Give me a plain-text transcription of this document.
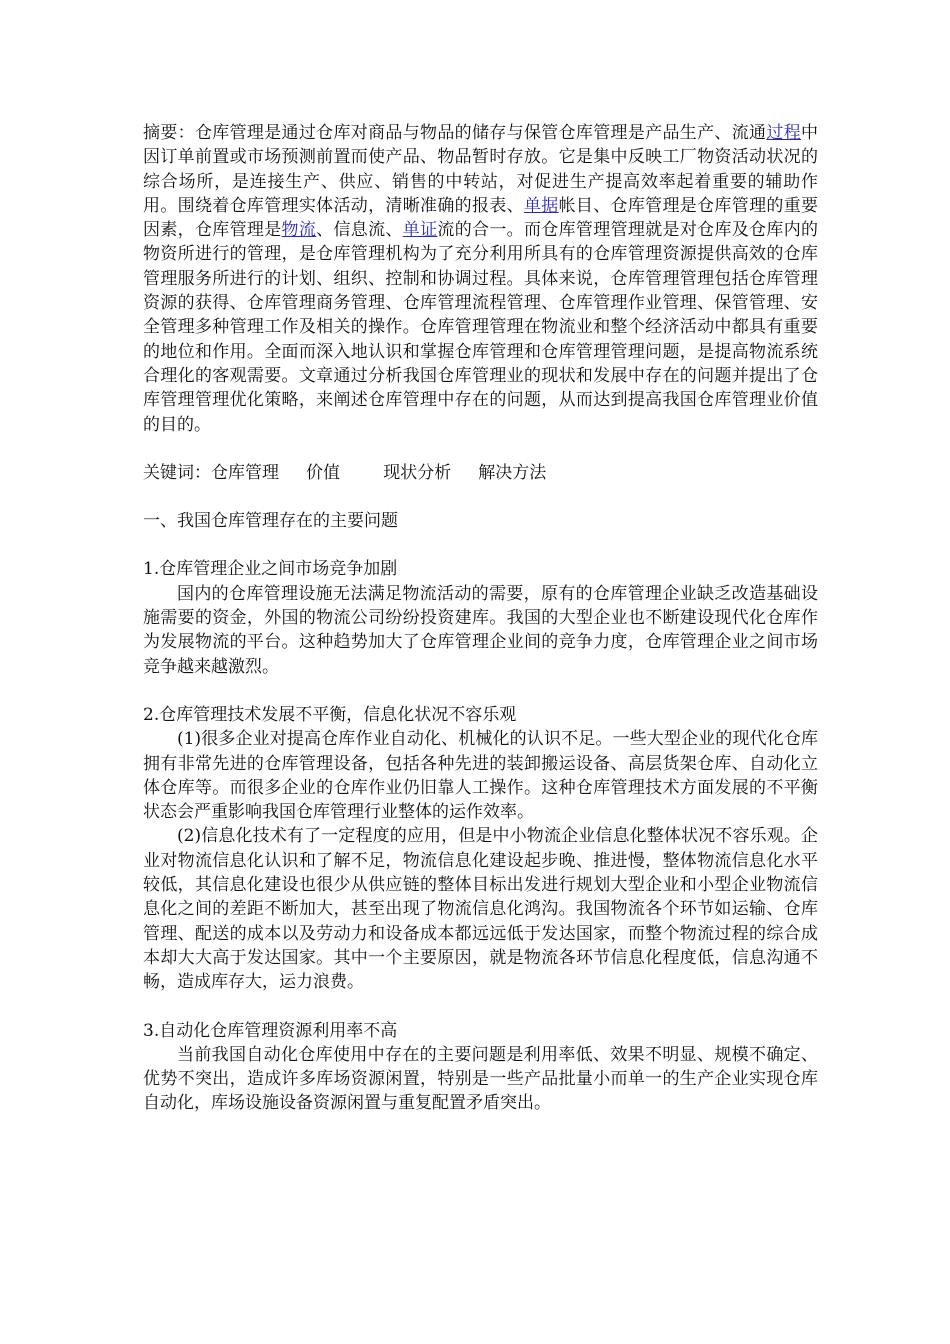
摘要：仓库管理是通过仓库对商品与物品的储存与保管仓库管理是产品生产、流通过程中因订单前置或市场预测前置而使产品、物品暂时存放。它是集中反映工厂物资活动状况的综合场所，是连接生产、供应、销售的中转站，对促进生产提高效率起着重要的辅助作用。围绕着仓库管理实体活动，清晰准确的报表、单据帐目、仓库管理是仓库管理的重要因素，仓库管理是物流、信息流、单证流的合一。而仓库管理管理就是对仓库及仓库内的物资所进行的管理，是仓库管理机构为了充分利用所具有的仓库管理资源提供高效的仓库管理服务所进行的计划、组织、控制和协调过程。具体来说，仓库管理管理包括仓库管理资源的获得、仓库管理商务管理、仓库管理流程管理、仓库管理作业管理、保管管理、安全管理多种管理工作及相关的操作。仓库管理管理在物流业和整个经济活动中都具有重要的地位和作用。全面而深入地认识和掌握仓库管理和仓库管理管理问题，是提高物流系统合理化的客观需要。文章通过分析我国仓库管理业的现状和发展中存在的问题并提出了仓库管理管理优化策略，来阐述仓库管理中存在的问题，从而达到提高我国仓库管理业价值的目的。

关键词：仓库管理     价值        现状分析     解决方法

一、我国仓库管理存在的主要问题

1.仓库管理企业之间市场竞争加剧

国内的仓库管理设施无法满足物流活动的需要，原有的仓库管理企业缺乏改造基础设施需要的资金，外国的物流公司纷纷投资建库。我国的大型企业也不断建设现代化仓库作为发展物流的平台。这种趋势加大了仓库管理企业间的竞争力度，仓库管理企业之间市场竞争越来越激烈。

2.仓库管理技术发展不平衡，信息化状况不容乐观

(1)很多企业对提高仓库作业自动化、机械化的认识不足。一些大型企业的现代化仓库拥有非常先进的仓库管理设备，包括各种先进的装卸搬运设备、高层货架仓库、自动化立体仓库等。而很多企业的仓库作业仍旧靠人工操作。这种仓库管理技术方面发展的不平衡状态会严重影响我国仓库管理行业整体的运作效率。

(2)信息化技术有了一定程度的应用，但是中小物流企业信息化整体状况不容乐观。企业对物流信息化认识和了解不足，物流信息化建设起步晚、推进慢，整体物流信息化水平较低，其信息化建设也很少从供应链的整体目标出发进行规划大型企业和小型企业物流信息化之间的差距不断加大，甚至出现了物流信息化鸿沟。我国物流各个环节如运输、仓库管理、配送的成本以及劳动力和设备成本都远远低于发达国家，而整个物流过程的综合成本却大大高于发达国家。其中一个主要原因，就是物流各环节信息化程度低，信息沟通不畅，造成库存大，运力浪费。

3.自动化仓库管理资源利用率不高

当前我国自动化仓库使用中存在的主要问题是利用率低、效果不明显、规模不确定、优势不突出，造成许多库场资源闲置，特别是一些产品批量小而单一的生产企业实现仓库自动化，库场设施设备资源闲置与重复配置矛盾突出。
